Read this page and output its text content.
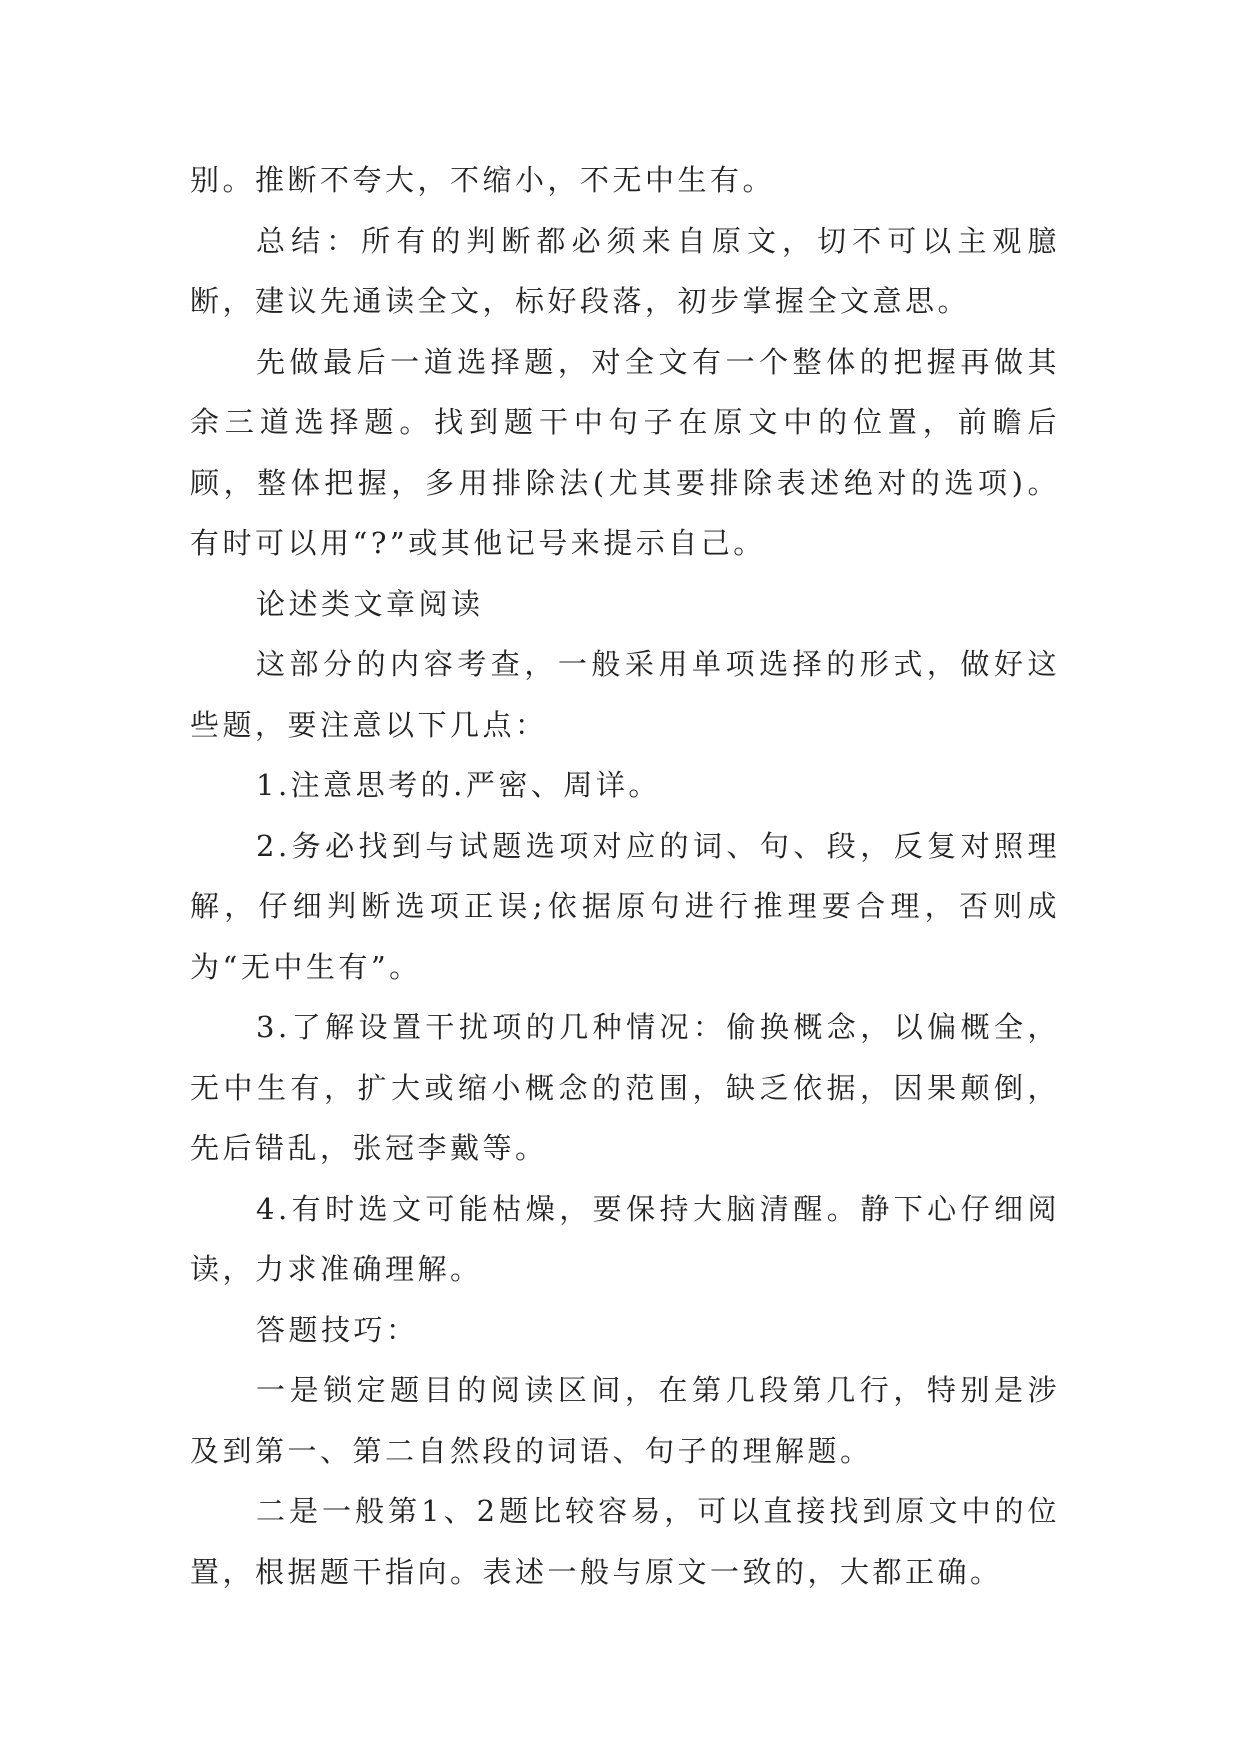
别。推断不夸大，不缩小，不无中生有。

总结：所有的判断都必须来自原文，切不可以主观臆断，建议先通读全文，标好段落，初步掌握全文意思。

先做最后一道选择题，对全文有一个整体的把握再做其余三道选择题。找到题干中句子在原文中的位置，前瞻后顾，整体把握，多用排除法(尤其要排除表述绝对的选项)。有时可以用“?”或其他记号来提示自己。

论述类文章阅读

这部分的内容考查，一般采用单项选择的形式，做好这些题，要注意以下几点：

1.注意思考的.严密、周详。

2.务必找到与试题选项对应的词、句、段，反复对照理解，仔细判断选项正误;依据原句进行推理要合理，否则成为“无中生有”。

3.了解设置干扰项的几种情况：偷换概念，以偏概全，无中生有，扩大或缩小概念的范围，缺乏依据，因果颠倒，先后错乱，张冠李戴等。

4.有时选文可能枯燥，要保持大脑清醒。静下心仔细阅读，力求准确理解。

答题技巧：

一是锁定题目的阅读区间，在第几段第几行，特别是涉及到第一、第二自然段的词语、句子的理解题。

二是一般第1、2题比较容易，可以直接找到原文中的位置，根据题干指向。表述一般与原文一致的，大都正确。
